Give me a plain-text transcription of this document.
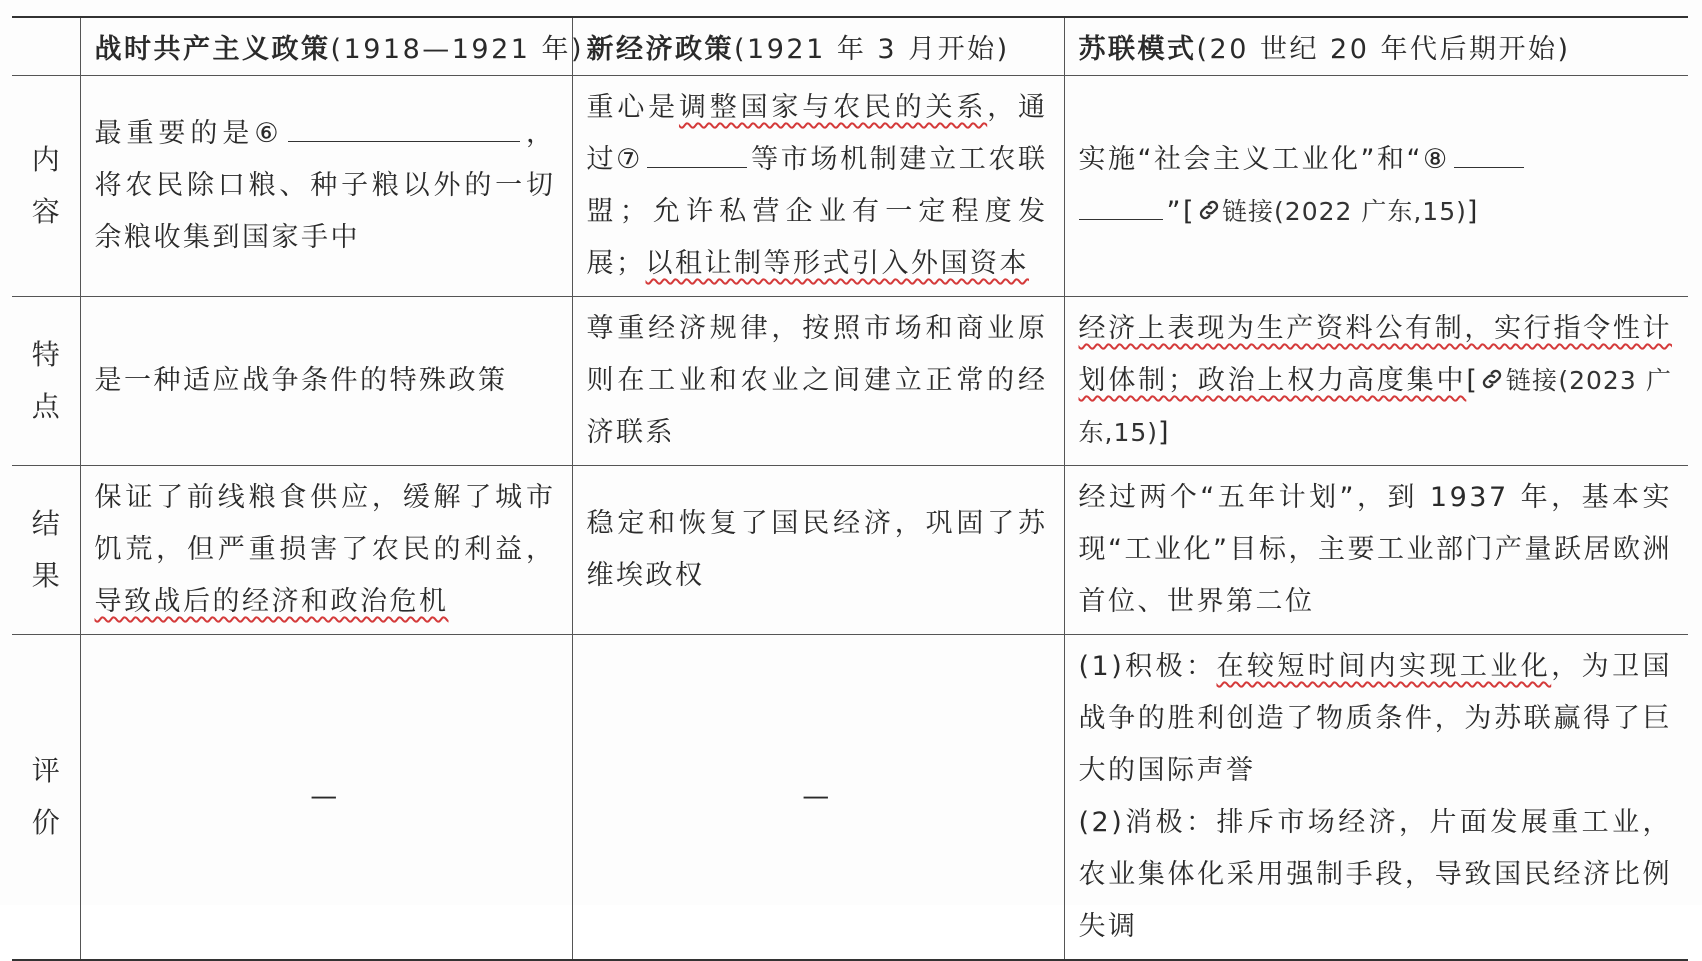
	战时共产主义政策(1918—1921 年)	新经济政策(1921 年 3 月开始)	苏联模式(20 世纪 20 年代后期开始)

内
容	最重要的是⑥ ，将农民除口粮、种子粮以外的一切余粮收集到国家手中	重心是调整国家与农民的关系，通过⑦ 等市场机制建立工农联盟；允许私营企业有一定程度发展；以租让制等形式引入外国资本	实施“社会主义工业化”和“⑧
”[ 链接(2022 广东,15)]

特
点	是一种适应战争条件的特殊政策	尊重经济规律，按照市场和商业原则在工业和农业之间建立正常的经济联系	经济上表现为生产资料公有制，实行指令性计划体制；政治上权力高度集中[ 链接(2023 广东,15)]

结
果	保证了前线粮食供应，缓解了城市饥荒，但严重损害了农民的利益，导致战后的经济和政治危机	稳定和恢复了国民经济，巩固了苏维埃政权	经过两个“五年计划”，到 1937 年，基本实现“工业化”目标，主要工业部门产量跃居欧洲首位、世界第二位

评
价	—	—	(1)积极：在较短时间内实现工业化，为卫国战争的胜利创造了物质条件，为苏联赢得了巨大的国际声誉
(2)消极：排斥市场经济，片面发展重工业，农业集体化采用强制手段，导致国民经济比例失调
